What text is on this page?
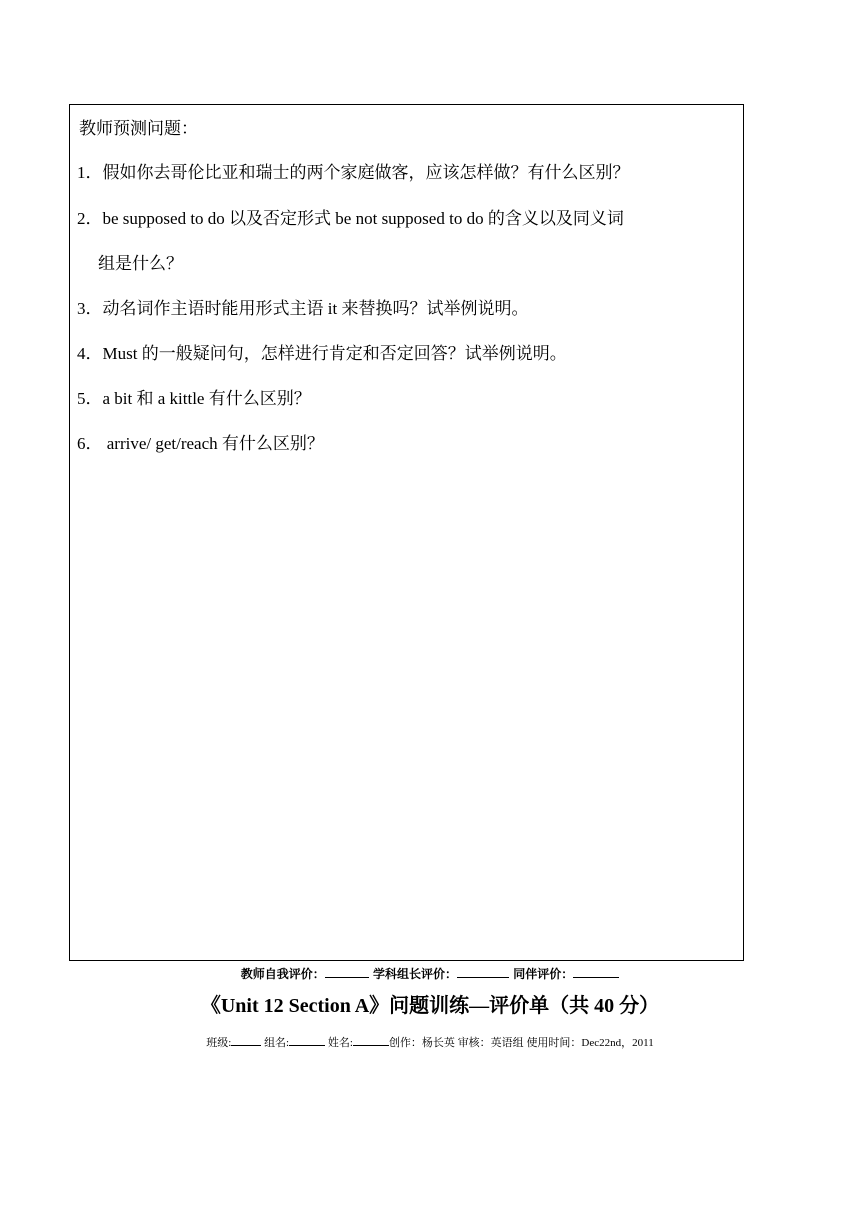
教师预测问题：
1．假如你去哥伦比亚和瑞士的两个家庭做客，应该怎样做？有什么区别？
2．be supposed to do 以及否定形式 be not supposed to do 的含义以及同义词
组是什么？
3．动名词作主语时能用形式主语 it 来替换吗？试举例说明。
4．Must 的一般疑问句，怎样进行肯定和否定回答？试举例说明。
5．a bit 和 a kittle 有什么区别？
6． arrive/ get/reach 有什么区别？
教师自我评价：	学科组长评价：	同伴评价：
《Unit 12 Section A》问题训练—评价单（共 40 分）
班级:	组名:	姓名:	创作：杨长英 审核：英语组 使用时间：Dec22nd，2011
